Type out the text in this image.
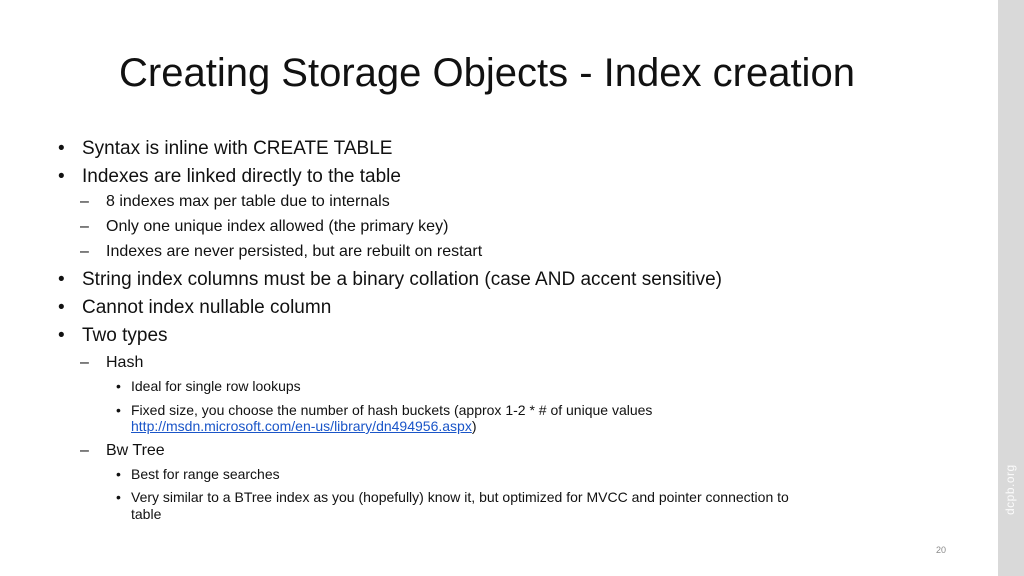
dcpb.org
Creating Storage Objects - Index creation
• Syntax is inline with CREATE TABLE
• Indexes are linked directly to the table
– 8 indexes max per table due to internals
– Only one unique index allowed (the primary key)
– Indexes are never persisted, but are rebuilt on restart
• String index columns must be a binary collation (case AND accent sensitive)
• Cannot index nullable column
• Two types
– Hash
• Ideal for single row lookups
• Fixed size, you choose the number of hash buckets (approx 1-2 * # of unique values
http://msdn.microsoft.com/en-us/library/dn494956.aspx)
– Bw Tree
• Best for range searches
• Very similar to a BTree index as you (hopefully) know it, but optimized for MVCC and pointer connection to
table
20
